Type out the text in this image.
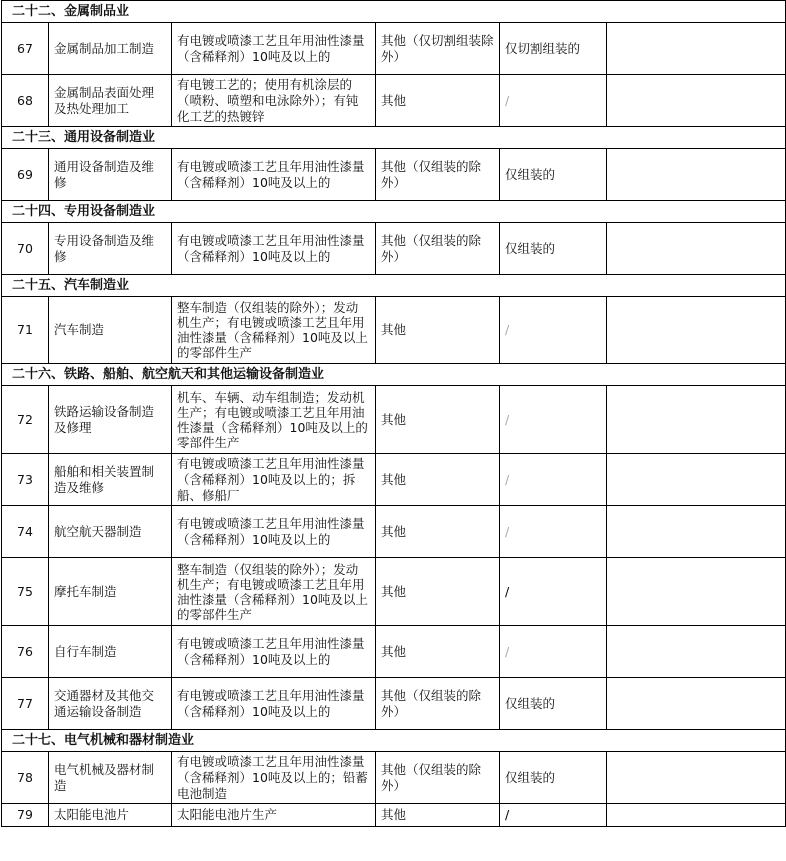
二十二、金属制品业					
67	金属制品加工制造	有电镀或喷漆工艺且年用油性漆量（含稀释剂）10吨及以上的	其他（仅切割组装除外）	仅切割组装的	
68	金属制品表面处理及热处理加工	有电镀工艺的；使用有机涂层的（喷粉、喷塑和电泳除外）；有钝化工艺的热镀锌	其他	/	
二十三、通用设备制造业					
69	通用设备制造及维修	有电镀或喷漆工艺且年用油性漆量（含稀释剂）10吨及以上的	其他（仅组装的除外）	仅组装的	
二十四、专用设备制造业					
70	专用设备制造及维修	有电镀或喷漆工艺且年用油性漆量（含稀释剂）10吨及以上的	其他（仅组装的除外）	仅组装的	
二十五、汽车制造业					
71	汽车制造	整车制造（仅组装的除外）；发动机生产；有电镀或喷漆工艺且年用油性漆量（含稀释剂）10吨及以上的零部件生产	其他	/	
二十六、铁路、船舶、航空航天和其他运输设备制造业					
72	铁路运输设备制造及修理	机车、车辆、动车组制造；发动机生产；有电镀或喷漆工艺且年用油性漆量（含稀释剂）10吨及以上的零部件生产	其他	/	
73	船舶和相关装置制造及维修	有电镀或喷漆工艺且年用油性漆量（含稀释剂）10吨及以上的；拆船、修船厂	其他	/	
74	航空航天器制造	有电镀或喷漆工艺且年用油性漆量（含稀释剂）10吨及以上的	其他	/	
75	摩托车制造	整车制造（仅组装的除外）；发动机生产；有电镀或喷漆工艺且年用油性漆量（含稀释剂）10吨及以上的零部件生产	其他	/	
76	自行车制造	有电镀或喷漆工艺且年用油性漆量（含稀释剂）10吨及以上的	其他	/	
77	交通器材及其他交通运输设备制造	有电镀或喷漆工艺且年用油性漆量（含稀释剂）10吨及以上的	其他（仅组装的除外）	仅组装的	
二十七、电气机械和器材制造业					
78	电气机械及器材制造	有电镀或喷漆工艺且年用油性漆量（含稀释剂）10吨及以上的；铅蓄电池制造	其他（仅组装的除外）	仅组装的	
79	太阳能电池片	太阳能电池片生产	其他	/	
